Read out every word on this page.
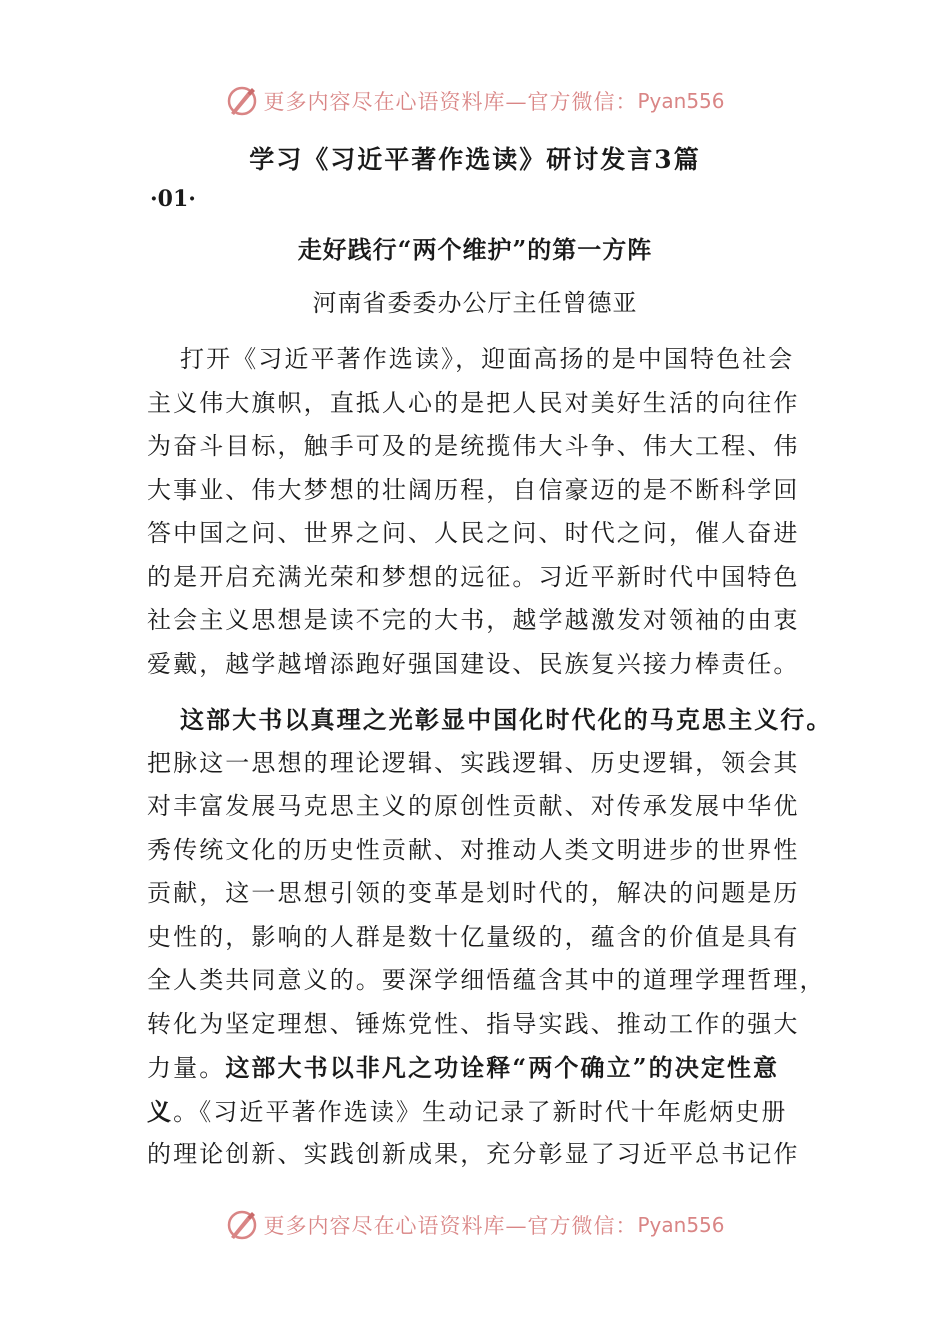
更多内容尽在心语资料库—官方微信： Pyan556
学习《习近平著作选读》研讨发言3篇
·01·
走好践行“两个维护”的第一方阵
河南省委委办公厅主任曾德亚
打开《习近平著作选读》，迎面高扬的是中国特色社会
主义伟大旗帜，直抵人心的是把人民对美好生活的向往作
为奋斗目标，触手可及的是统揽伟大斗争、伟大工程、伟
大事业、伟大梦想的壮阔历程，自信豪迈的是不断科学回
答中国之问、世界之问、人民之问、时代之问，催人奋进
的是开启充满光荣和梦想的远征。习近平新时代中国特色
社会主义思想是读不完的大书，越学越激发对领袖的由衷
爱戴，越学越增添跑好强国建设、民族复兴接力棒责任。
这部大书以真理之光彰显中国化时代化的马克思主义行。
把脉这一思想的理论逻辑、实践逻辑、历史逻辑，领会其
对丰富发展马克思主义的原创性贡献、对传承发展中华优
秀传统文化的历史性贡献、对推动人类文明进步的世界性
贡献，这一思想引领的变革是划时代的，解决的问题是历
史性的，影响的人群是数十亿量级的，蕴含的价值是具有
全人类共同意义的。要深学细悟蕴含其中的道理学理哲理，
转化为坚定理想、锤炼党性、指导实践、推动工作的强大
力量。这部大书以非凡之功诠释“两个确立”的决定性意
义。《习近平著作选读》生动记录了新时代十年彪炳史册
的理论创新、实践创新成果，充分彰显了习近平总书记作
更多内容尽在心语资料库—官方微信： Pyan556
